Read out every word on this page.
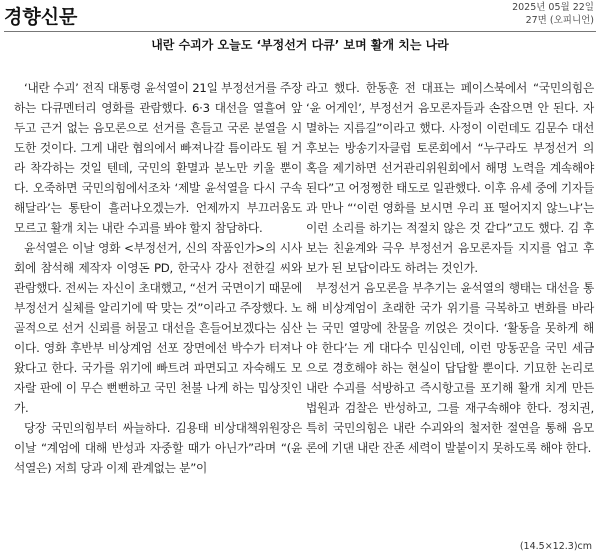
경향신문	2025년 05월 22일
27면 (오피니언)
내란 수괴가 오늘도 ‘부정선거 다큐’ 보며 활개 치는 나라

‘내란 수괴’ 전직 대통령 윤석열이 21일 부정선거를 주장하는 다큐멘터리 영화를 관람했다. 6·3 대선을 열흘여 앞두고 근거 없는 음모론으로 선거를 흔들고 국론 분열을 시도한 것이다. 그게 내란 협의에서 빠져나갈 틈이라도 될 거라 착각하는 것일 텐데, 국민의 환멸과 분노만 키울 뿐이다. 오죽하면 국민의힘에서조차 ‘제발 윤석열을 다시 구속해달라’는 통탄이 흘러나오겠는가. 언제까지 부끄러움도 모르고 활개 치는 내란 수괴를 봐야 할지 참담하다.

윤석열은 이날 영화 <부정선거, 신의 작품인가>의 시사회에 참석해 제작자 이영돈 PD, 한국사 강사 전한길 씨와 관람했다. 전씨는 자신이 초대했고, “선거 국면이기 때문에 부정선거 실체를 알리기에 딱 맞는 것”이라고 주장했다. 노골적으로 선거 신뢰를 허물고 대선을 흔들어보겠다는 심산이다. 영화 후반부 비상계엄 선포 장면에선 박수가 터져나왔다고 한다. 국가를 위기에 빠트려 파면되고 자숙해도 모자랄 판에 이 무슨 뻔뻔하고 국민 천불 나게 하는 밉상짓인가.

당장 국민의힘부터 싸늘하다. 김용태 비상대책위원장은 이날 “계엄에 대해 반성과 자중할 때가 아닌가”라며 “(윤석열은) 저희 당과 이제 관계없는 분”이

라고 했다. 한동훈 전 대표는 페이스북에서 “국민의힘은 ‘윤 어게인’, 부정선거 음모론자들과 손잡으면 안 된다. 자멸하는 지름길”이라고 했다. 사정이 이런데도 김문수 대선 후보는 방송기자클럽 토론회에서 “누구라도 부정선거 의혹을 제기하면 선거관리위원회에서 해명 노력을 계속해야 된다”고 어정쩡한 태도로 일관했다. 이후 유세 중에 기자들과 만나 “‘이런 영화를 보시면 우리 표 떨어지지 않느냐’는 이런 소리를 하기는 적절치 않은 것 같다”고도 했다. 김 후보는 친윤계와 극우 부정선거 음모론자들 지지를 업고 후보가 된 보답이라도 하려는 것인가.

부정선거 음모론을 부추기는 윤석열의 행태는 대선을 통해 비상계엄이 초래한 국가 위기를 극복하고 변화를 바라는 국민 열망에 찬물을 끼얹은 것이다. ‘활동을 못하게 해야 한다’는 게 대다수 민심인데, 이런 망동꾼을 국민 세금으로 경호해야 하는 현실이 답답할 뿐이다. 기묘한 논리로 내란 수괴를 석방하고 즉시항고를 포기해 활개 치게 만든 법원과 검찰은 반성하고, 그를 재구속해야 한다. 정치권, 특히 국민의힘은 내란 수괴와의 철저한 절연을 통해 음모론에 기댄 내란 잔존 세력이 발붙이지 못하도록 해야 한다.

(14.5×12.3)cm
